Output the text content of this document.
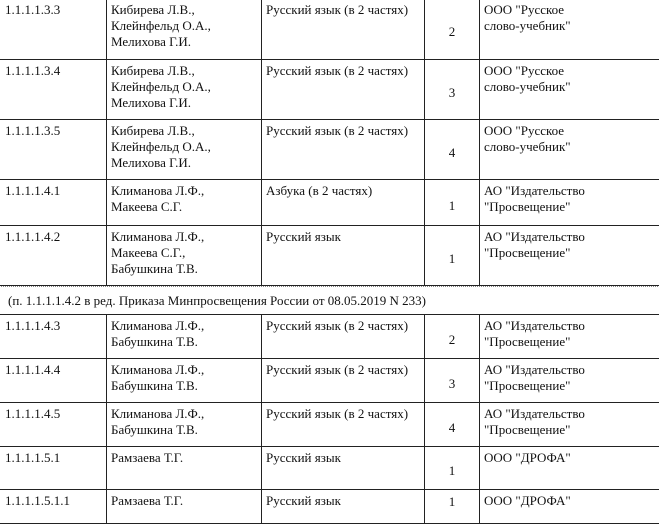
1.1.1.1.3.3	Кибирева Л.В.,
Клейнфельд О.А.,
Мелихова Г.И.	Русский язык (в 2 частях)	2	ООО "Русское
слово-учебник"

1.1.1.1.3.4	Кибирева Л.В.,
Клейнфельд О.А.,
Мелихова Г.И.	Русский язык (в 2 частях)	3	ООО "Русское
слово-учебник"

1.1.1.1.3.5	Кибирева Л.В.,
Клейнфельд О.А.,
Мелихова Г.И.	Русский язык (в 2 частях)	4	ООО "Русское
слово-учебник"

1.1.1.1.4.1	Климанова Л.Ф.,
Макеева С.Г.	Азбука (в 2 частях)	1	АО "Издательство
"Просвещение"

1.1.1.1.4.2	Климанова Л.Ф.,
Макеева С.Г.,
Бабушкина Т.В.	Русский язык	1	АО "Издательство
"Просвещение"
(п. 1.1.1.1.4.2 в ред. Приказа Минпросвещения России от 08.05.2019 N 233)
1.1.1.1.4.3	Климанова Л.Ф.,
Бабушкина Т.В.	Русский язык (в 2 частях)	2	АО "Издательство
"Просвещение"

1.1.1.1.4.4	Климанова Л.Ф.,
Бабушкина Т.В.	Русский язык (в 2 частях)	3	АО "Издательство
"Просвещение"

1.1.1.1.4.5	Климанова Л.Ф.,
Бабушкина Т.В.	Русский язык (в 2 частях)	4	АО "Издательство
"Просвещение"

1.1.1.1.5.1	Рамзаева Т.Г.	Русский язык	1	ООО "ДРОФА"

1.1.1.1.5.1.1	Рамзаева Т.Г.	Русский язык	1	ООО "ДРОФА"
